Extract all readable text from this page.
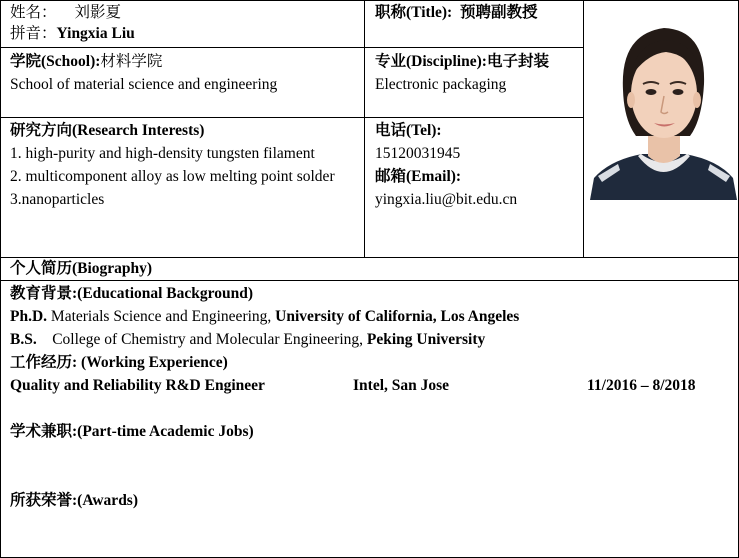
姓名： 刘影夏
拼音：Yingxia Liu
职称(Title): 预聘副教授
学院(School):材料学院
School of material science and engineering
专业(Discipline):电子封装
Electronic packaging
研究方向(Research Interests)
1. high-purity and high-density tungsten filament
2. multicomponent alloy as low melting point solder
3.nanoparticles
电话(Tel):
15120031945
邮箱(Email):
yingxia.liu@bit.edu.cn
个人简历(Biography)
教育背景:(Educational Background)
Ph.D. Materials Science and Engineering, University of California, Los Angeles
B.S.    College of Chemistry and Molecular Engineering, Peking University
工作经历: (Working Experience)
Quality and Reliability R&D Engineer	Intel, San Jose	11/2016 – 8/2018
学术兼职:(Part-time Academic Jobs)
所获荣誉:(Awards)
